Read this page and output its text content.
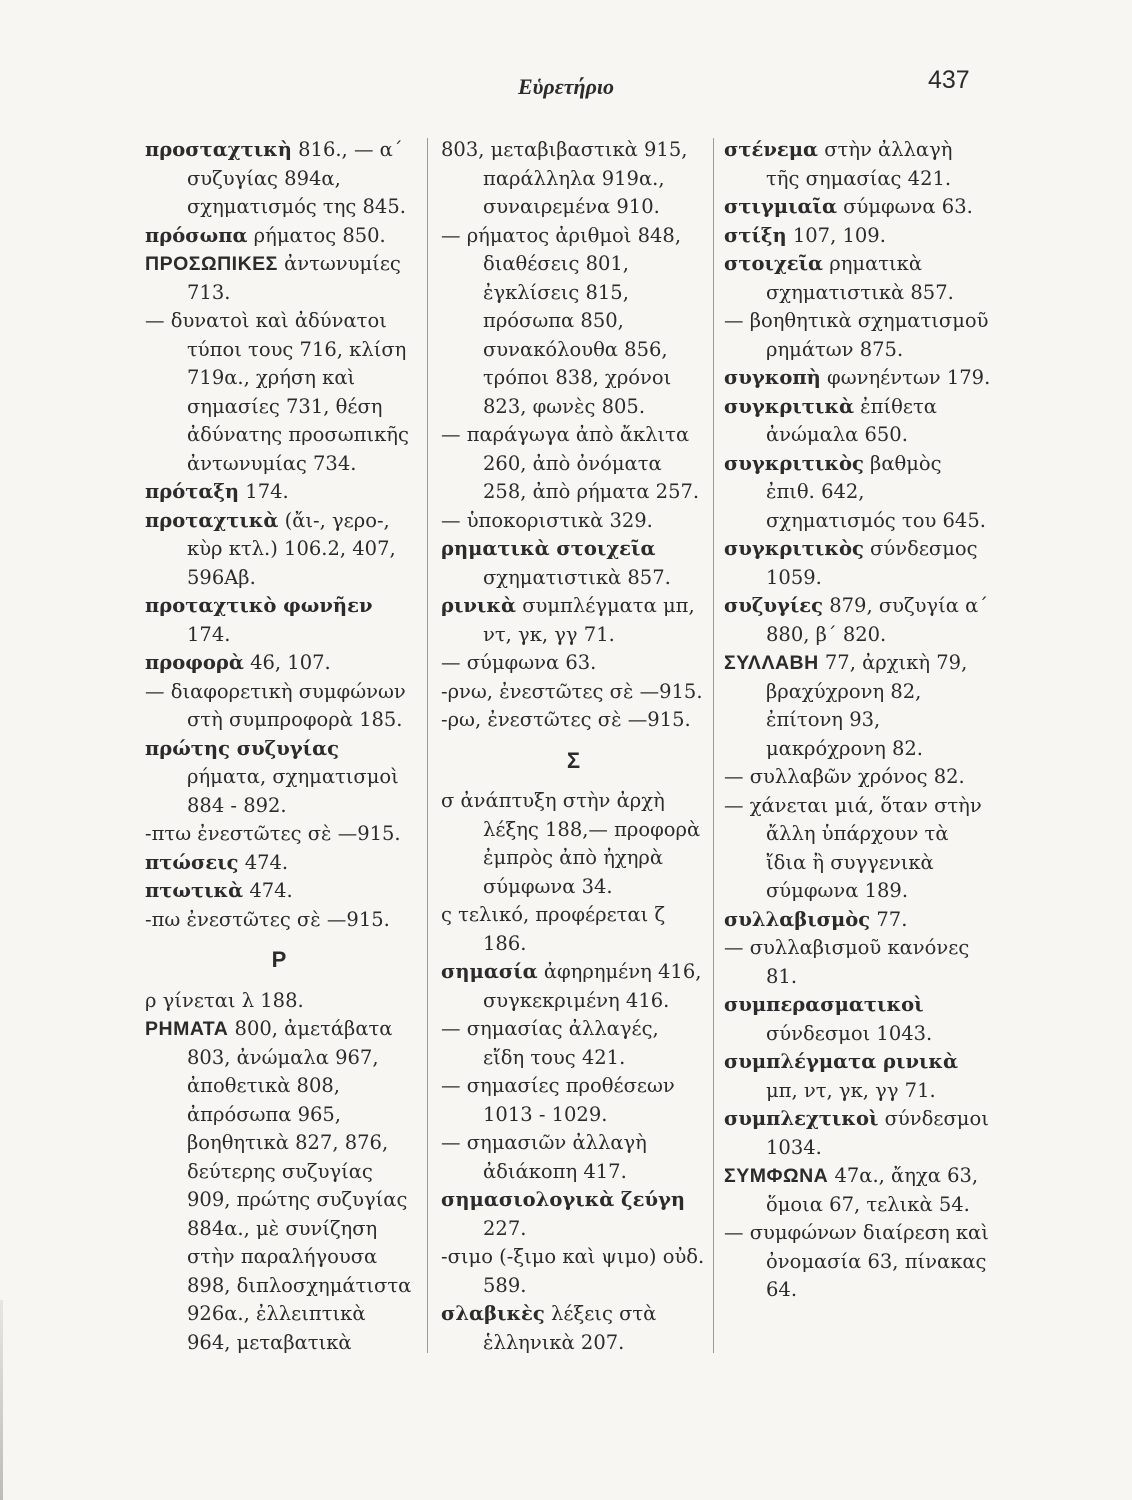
Εὑρετήριο	437

προσταχτικὴ 816., — α΄ συζυγίας 894α, σχηματισμός της 845.

πρόσωπα ρήματος 850.

ΠΡΟΣΩΠΙΚΕΣ ἀντωνυμίες 713.

— δυνατοὶ καὶ ἀδύνατοι τύποι τους 716, κλίση 719α., χρήση καὶ σημασίες 731, θέση ἀδύνατης προσωπικῆς ἀντωνυμίας 734.

πρόταξη 174.

προταχτικὰ (ἄι-, γερο-, κὺρ κτλ.) 106.2, 407, 596Αβ.

προταχτικὸ φωνῆεν 174.

προφορὰ 46, 107.

— διαφορετικὴ συμφώνων στὴ συμπροφορὰ 185.

πρώτης συζυγίας ρήματα, σχηματισμοὶ 884 - 892.

-πτω ἐνεστῶτες σὲ —915.

πτώσεις 474.

πτωτικὰ 474.

-πω ἐνεστῶτες σὲ —915.

Ρ

ρ γίνεται λ 188.

ΡΗΜΑΤΑ 800, ἀμετάβατα 803, ἀνώμαλα 967, ἀποθετικὰ 808, ἀπρόσωπα 965, βοηθητικὰ 827, 876, δεύτερης συζυγίας 909, πρώτης συζυγίας 884α., μὲ συνίζηση στὴν παραλήγουσα 898, διπλοσχημάτιστα 926α., ἐλλειπτικὰ 964, μεταβατικὰ

803, μεταβιβαστικὰ 915, παράλληλα 919α., συναιρεμένα 910.

— ρήματος ἀριθμοὶ 848, διαθέσεις 801, ἐγκλίσεις 815, πρόσωπα 850, συνακόλουθα 856, τρόποι 838, χρόνοι 823, φωνὲς 805.

— παράγωγα ἀπὸ ἄκλιτα 260, ἀπὸ ὀνόματα 258, ἀπὸ ρήματα 257.

— ὑποκοριστικὰ 329.

ρηματικὰ στοιχεῖα σχηματιστικὰ 857.

ρινικὰ συμπλέγματα μπ, ντ, γκ, γγ 71.

— σύμφωνα 63.

-ρνω, ἐνεστῶτες σὲ —915.

-ρω, ἐνεστῶτες σὲ —915.

Σ

σ ἀνάπτυξη στὴν ἀρχὴ λέξης 188,— προφορὰ ἐμπρὸς ἀπὸ ἠχηρὰ σύμφωνα 34.

ς τελικό, προφέρεται ζ 186.

σημασία ἀφηρημένη 416, συγκεκριμένη 416.

— σημασίας ἀλλαγές, εἴδη τους 421.

— σημασίες προθέσεων 1013 - 1029.

— σημασιῶν ἀλλαγὴ ἀδιάκοπη 417.

σημασιολογικὰ ζεύγη 227.

-σιμο (-ξιμο καὶ ψιμο) οὐδ. 589.

σλαβικὲς λέξεις στὰ ἑλληνικὰ 207.

στένεμα στὴν ἀλλαγὴ τῆς σημασίας 421.

στιγμιαῖα σύμφωνα 63.

στίξη 107, 109.

στοιχεῖα ρηματικὰ σχηματιστικὰ 857.

— βοηθητικὰ σχηματισμοῦ ρημάτων 875.

συγκοπὴ φωνηέντων 179.

συγκριτικὰ ἐπίθετα ἀνώμαλα 650.

συγκριτικὸς βαθμὸς ἐπιθ. 642, σχηματισμός του 645.

συγκριτικὸς σύνδεσμος 1059.

συζυγίες 879, συζυγία α΄ 880, β΄ 820.

ΣΥΛΛΑΒΗ 77, ἀρχικὴ 79, βραχύχρονη 82, ἐπίτονη 93, μακρόχρονη 82.

— συλλαβῶν χρόνος 82.

— χάνεται μιά, ὅταν στὴν ἄλλη ὑπάρχουν τὰ ἴδια ἢ συγγενικὰ σύμφωνα 189.

συλλαβισμὸς 77.

— συλλαβισμοῦ κανόνες 81.

συμπερασματικοὶ σύνδεσμοι 1043.

συμπλέγματα ρινικὰ μπ, ντ, γκ, γγ 71.

συμπλεχτικοὶ σύνδεσμοι 1034.

ΣΥΜΦΩΝΑ 47α., ἄηχα 63, ὅμοια 67, τελικὰ 54.

— συμφώνων διαίρεση καὶ ὀνομασία 63, πίνακας 64.
